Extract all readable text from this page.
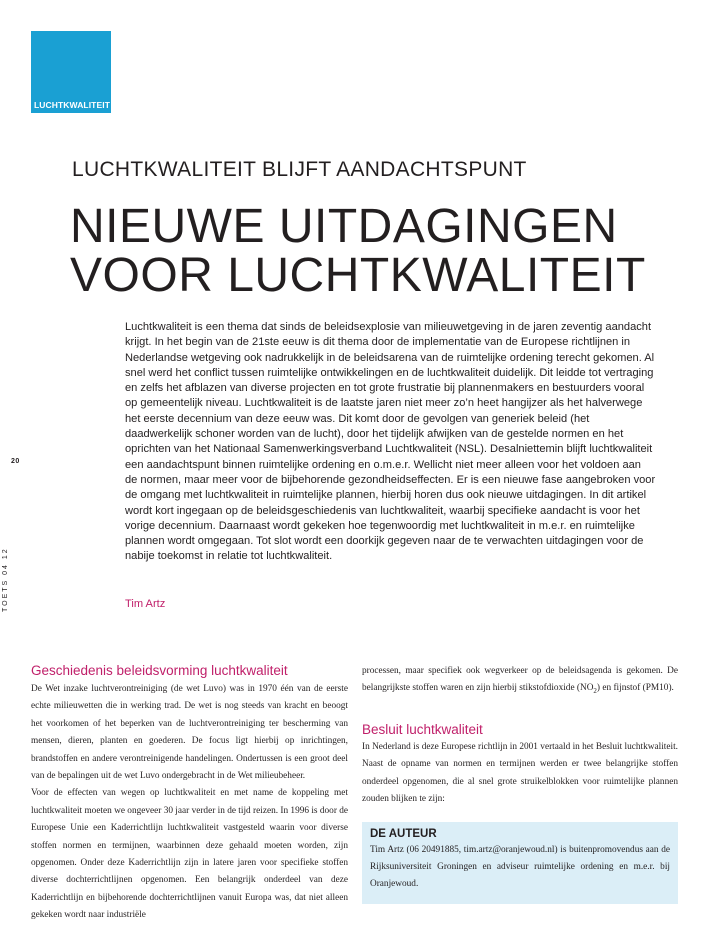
LUCHTKWALITEIT
LUCHTKWALITEIT BLIJFT AANDACHTSPUNT
NIEUWE UITDAGINGEN
VOOR LUCHTKWALITEIT
Luchtkwaliteit is een thema dat sinds de beleidsexplosie van milieuwetgeving in de jaren zeventig aandacht krijgt. In het begin van de 21ste eeuw is dit thema door de implementatie van de Europese richtlijnen in Nederlandse wetgeving ook nadrukkelijk in de beleidsarena van de ruimtelijke ordening terecht gekomen. Al snel werd het conflict tussen ruimtelijke ontwikkelingen en de luchtkwaliteit duidelijk. Dit leidde tot vertraging en zelfs het afblazen van diverse projecten en tot grote frustratie bij plannenmakers en bestuurders vooral op gemeentelijk niveau. Luchtkwaliteit is de laatste jaren niet meer zo’n heet hangijzer als het halverwege het eerste decennium van deze eeuw was. Dit komt door de gevolgen van generiek beleid (het daadwerkelijk schoner worden van de lucht), door het tijdelijk afwijken van de gestelde normen en het oprichten van het Nationaal Samenwerkingsverband Luchtkwaliteit (NSL). Desalniettemin blijft luchtkwaliteit een aandachtspunt binnen ruimtelijke ordening en o.m.e.r. Wellicht niet meer alleen voor het voldoen aan de normen, maar meer voor de bijbehorende gezondheidseffecten. Er is een nieuwe fase aangebroken voor de omgang met luchtkwaliteit in ruimtelijke plannen, hierbij horen dus ook nieuwe uitdagingen. In dit artikel wordt kort ingegaan op de beleidsgeschiedenis van luchtkwaliteit, waarbij specifieke aandacht is voor het vorige decennium. Daarnaast wordt gekeken hoe tegenwoordig met luchtkwaliteit in m.e.r. en ruimtelijke plannen wordt omgegaan. Tot slot wordt een doorkijk gegeven naar de te verwachten uitdagingen voor de nabije toekomst in relatie tot luchtkwaliteit.
Tim Artz
20
TOETS 04 12
Geschiedenis beleidsvorming luchtkwaliteit
De Wet inzake luchtverontreiniging (de wet Luvo) was in 1970 één van de eerste echte milieuwetten die in werking trad. De wet is nog steeds van kracht en beoogt het voorkomen of het beperken van de luchtverontreiniging ter bescherming van mensen, dieren, planten en goederen. De focus ligt hierbij op inrichtingen, brandstoffen en andere verontreinigende handelingen. Ondertussen is een groot deel van de bepalingen uit de wet Luvo ondergebracht in de Wet milieubeheer.
Voor de effecten van wegen op luchtkwaliteit en met name de koppeling met luchtkwaliteit moeten we ongeveer 30 jaar verder in de tijd reizen. In 1996 is door de Europese Unie een Kaderrichtlijn luchtkwaliteit vastgesteld waarin voor diverse stoffen normen en termijnen, waarbinnen deze gehaald moeten worden, zijn opgenomen. Onder deze Kaderrichtlijn zijn in latere jaren voor specifieke stoffen diverse dochterrichtlijnen opgenomen. Een belangrijk onderdeel van deze Kaderrichtlijn en bijbehorende dochterrichtlijnen vanuit Europa was, dat niet alleen gekeken wordt naar industriële
processen, maar specifiek ook wegverkeer op de beleidsagenda is gekomen. De belangrijkste stoffen waren en zijn hierbij stikstofdioxide $(NO_2)$ en fijnstof (PM10).
Besluit luchtkwaliteit
In Nederland is deze Europese richtlijn in 2001 vertaald in het Besluit luchtkwaliteit. Naast de opname van normen en termijnen werden er twee belangrijke stoffen onderdeel opgenomen, die al snel grote struikelblokken voor ruimtelijke plannen zouden blijken te zijn:
DE AUTEUR
Tim Artz (06 20491885, tim.artz@oranjewoud.nl) is buitenpromovendus aan de Rijksuniversiteit Groningen en adviseur ruimtelijke ordening en m.e.r. bij Oranjewoud.
